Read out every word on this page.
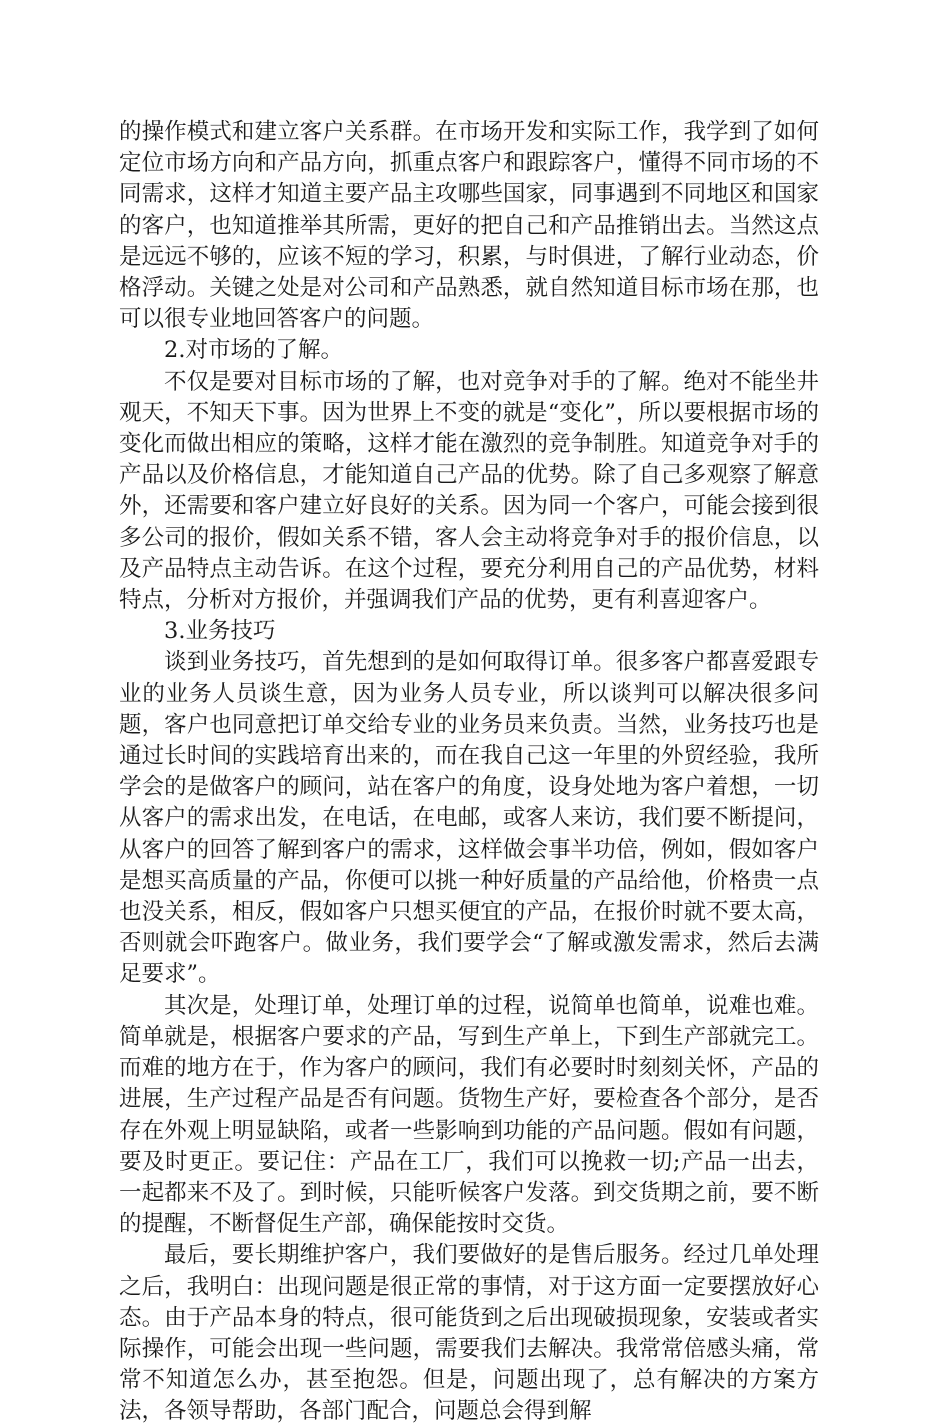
的操作模式和建立客户关系群。在市场开发和实际工作，我学到了如何定位市场方向和产品方向，抓重点客户和跟踪客户，懂得不同市场的不同需求，这样才知道主要产品主攻哪些国家，同事遇到不同地区和国家的客户，也知道推举其所需，更好的把自己和产品推销出去。当然这点是远远不够的，应该不短的学习，积累，与时俱进，了解行业动态，价格浮动。关键之处是对公司和产品熟悉，就自然知道目标市场在那，也可以很专业地回答客户的问题。

2.对市场的了解。

不仅是要对目标市场的了解，也对竞争对手的了解。绝对不能坐井观天，不知天下事。因为世界上不变的就是“变化”，所以要根据市场的变化而做出相应的策略，这样才能在激烈的竞争制胜。知道竞争对手的产品以及价格信息，才能知道自己产品的优势。除了自己多观察了解意外，还需要和客户建立好良好的关系。因为同一个客户，可能会接到很多公司的报价，假如关系不错，客人会主动将竞争对手的报价信息，以及产品特点主动告诉。在这个过程，要充分利用自己的产品优势，材料特点，分析对方报价，并强调我们产品的优势，更有利喜迎客户。

3.业务技巧

谈到业务技巧，首先想到的是如何取得订单。很多客户都喜爱跟专业的业务人员谈生意，因为业务人员专业，所以谈判可以解决很多问题，客户也同意把订单交给专业的业务员来负责。当然，业务技巧也是通过长时间的实践培育出来的，而在我自己这一年里的外贸经验，我所学会的是做客户的顾问，站在客户的角度，设身处地为客户着想，一切从客户的需求出发，在电话，在电邮，或客人来访，我们要不断提问，从客户的回答了解到客户的需求，这样做会事半功倍，例如，假如客户是想买高质量的产品，你便可以挑一种好质量的产品给他，价格贵一点也没关系，相反，假如客户只想买便宜的产品，在报价时就不要太高，否则就会吓跑客户。做业务，我们要学会“了解或激发需求，然后去满足要求”。

其次是，处理订单，处理订单的过程，说简单也简单，说难也难。简单就是，根据客户要求的产品，写到生产单上，下到生产部就完工。而难的地方在于，作为客户的顾问，我们有必要时时刻刻关怀，产品的进展，生产过程产品是否有问题。货物生产好，要检查各个部分，是否存在外观上明显缺陷，或者一些影响到功能的产品问题。假如有问题，要及时更正。要记住：产品在工厂，我们可以挽救一切;产品一出去，一起都来不及了。到时候，只能听候客户发落。到交货期之前，要不断的提醒，不断督促生产部，确保能按时交货。

最后，要长期维护客户，我们要做好的是售后服务。经过几单处理之后，我明白：出现问题是很正常的事情，对于这方面一定要摆放好心态。由于产品本身的特点，很可能货到之后出现破损现象，安装或者实际操作，可能会出现一些问题，需要我们去解决。我常常倍感头痛，常常不知道怎么办，甚至抱怨。但是，问题出现了，总有解决的方案方法，各领导帮助，各部门配合，问题总会得到解
